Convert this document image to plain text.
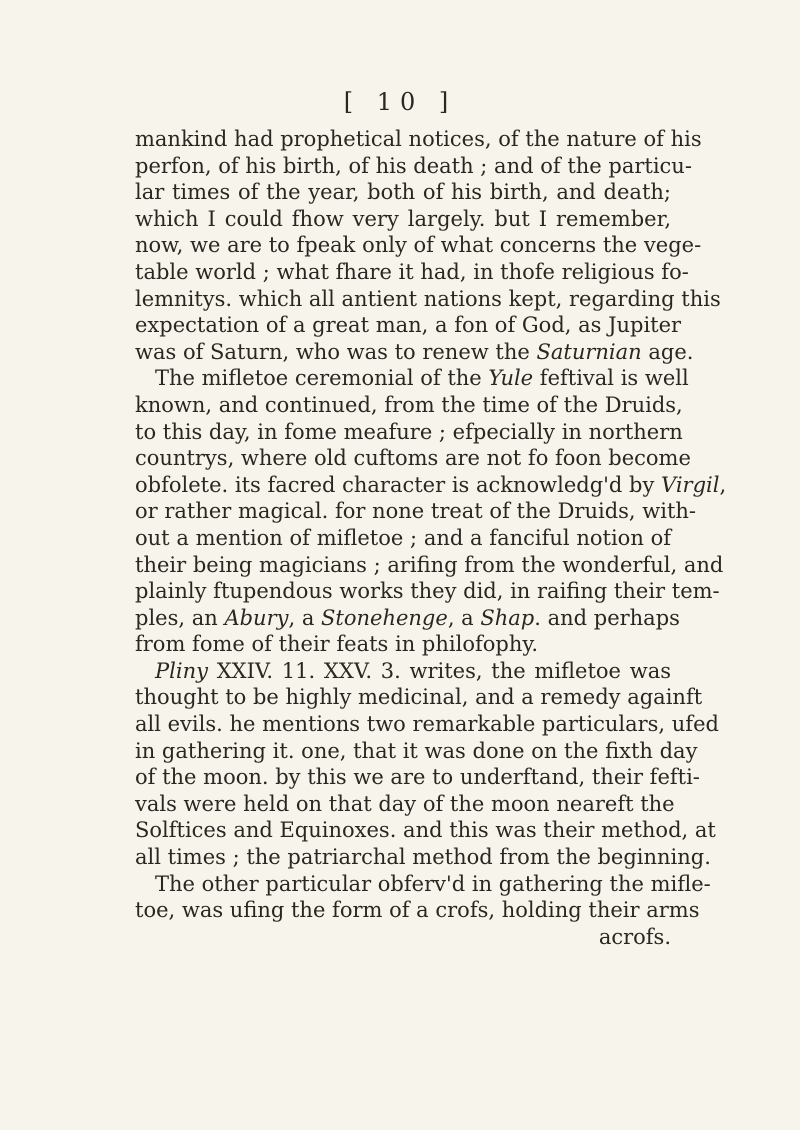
[ 10 ]
mankind had prophetical notices, of the nature of his
perfon, of his birth, of his death ; and of the particu-
lar times of the year, both of his birth, and death;
which I could fhow very largely. but I remember,
now, we are to fpeak only of what concerns the vege-
table world ; what fhare it had, in thofe religious fo-
lemnitys. which all antient nations kept, regarding this
expectation of a great man, a fon of God, as Jupiter
was of Saturn, who was to renew the Saturnian age.
The mifletoe ceremonial of the Yule feftival is well
known, and continued, from the time of the Druids,
to this day, in fome meafure ; efpecially in northern
countrys, where old cuftoms are not fo foon become
obfolete. its facred character is acknowledg'd by Virgil,
or rather magical. for none treat of the Druids, with-
out a mention of mifletoe ; and a fanciful notion of
their being magicians ; arifing from the wonderful, and
plainly ftupendous works they did, in raifing their tem-
ples, an Abury, a Stonehenge, a Shap. and perhaps
from fome of their feats in philofophy.
Pliny XXIV. 11. XXV. 3. writes, the mifletoe was
thought to be highly medicinal, and a remedy againft
all evils. he mentions two remarkable particulars, ufed
in gathering it. one, that it was done on the fixth day
of the moon. by this we are to underftand, their fefti-
vals were held on that day of the moon neareft the
Solftices and Equinoxes. and this was their method, at
all times ; the patriarchal method from the beginning.
The other particular obferv'd in gathering the mifle-
toe, was ufing the form of a crofs, holding their arms
acrofs.
